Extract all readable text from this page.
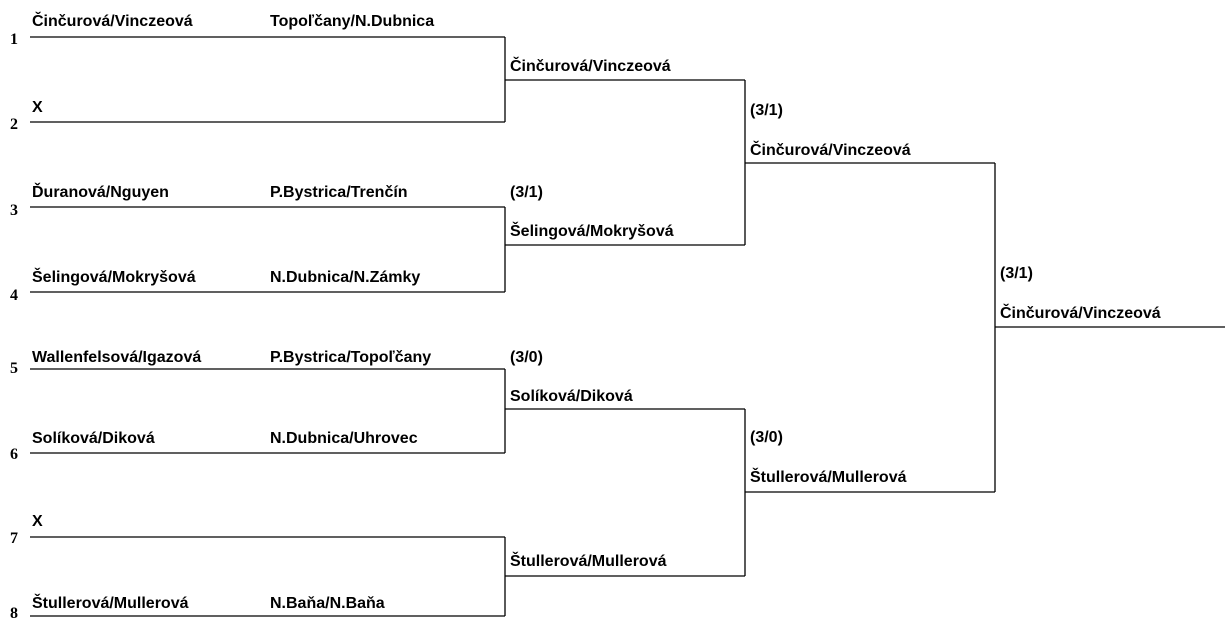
1
Činčurová/Vinczeová	Topoľčany/N.Dubnica
2
X
3
Ďuranová/Nguyen	P.Bystrica/Trenčín
4
Šelingová/Mokryšová	N.Dubnica/N.Zámky
5
Wallenfelsová/Igazová	P.Bystrica/Topoľčany
6
Solíková/Diková	N.Dubnica/Uhrovec
7
X
8
Štullerová/Mullerová	N.Baňa/N.Baňa
Činčurová/Vinczeová
(3/1)
Šelingová/Mokryšová
(3/0)
Solíková/Diková
Štullerová/Mullerová
(3/1)
Činčurová/Vinczeová
(3/0)
Štullerová/Mullerová
(3/1)
Činčurová/Vinczeová
